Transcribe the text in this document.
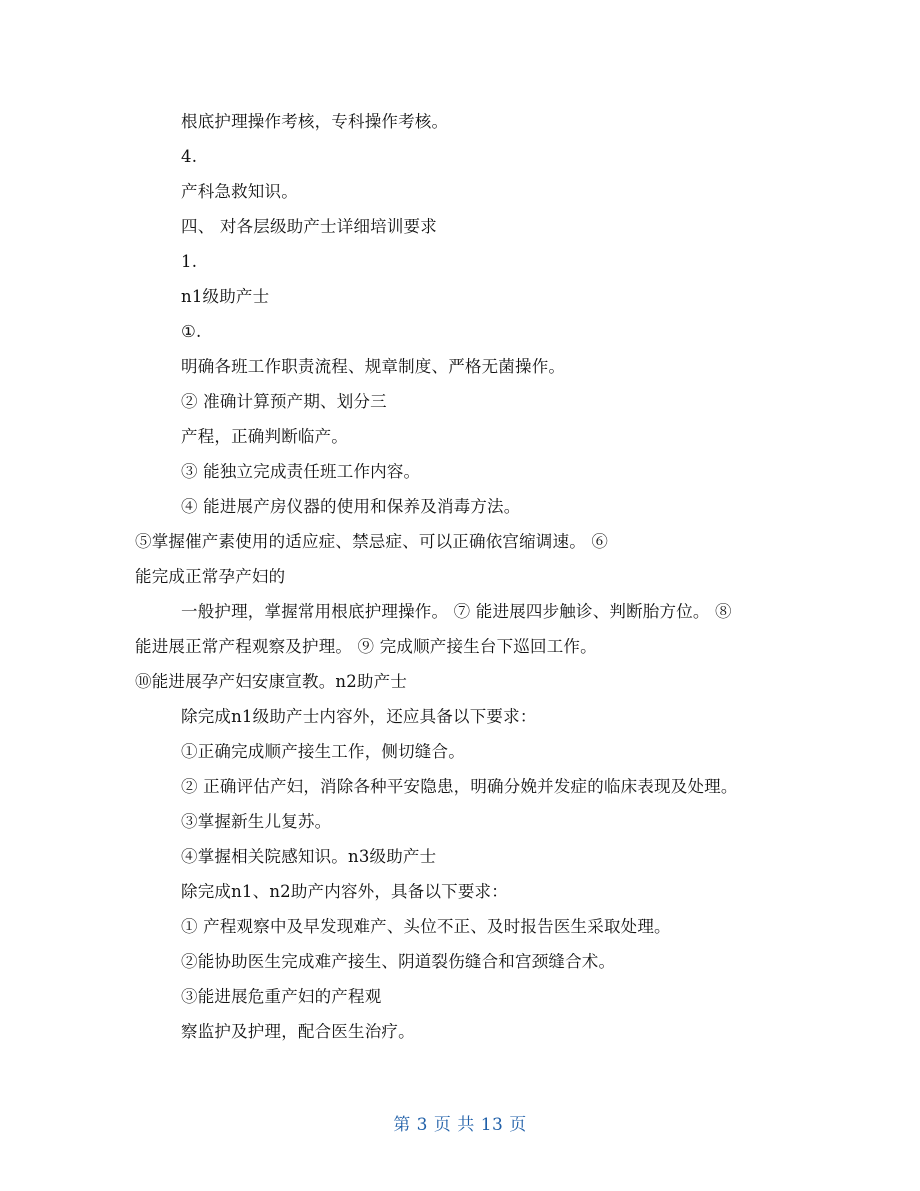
根底护理操作考核，专科操作考核。
4.
产科急救知识。
四、 对各层级助产士详细培训要求
1.
n1级助产士
①.
明确各班工作职责流程、规章制度、严格无菌操作。
② 准确计算预产期、划分三
产程，正确判断临产。
③ 能独立完成责任班工作内容。
④ 能进展产房仪器的使用和保养及消毒方法。
⑤掌握催产素使用的适应症、禁忌症、可以正确依宫缩调速。 ⑥
能完成正常孕产妇的
一般护理，掌握常用根底护理操作。 ⑦ 能进展四步触诊、判断胎方位。 ⑧
能进展正常产程观察及护理。 ⑨ 完成顺产接生台下巡回工作。
⑩能进展孕产妇安康宣教。n2助产士
除完成n1级助产士内容外，还应具备以下要求：
①正确完成顺产接生工作，侧切缝合。
② 正确评估产妇，消除各种平安隐患，明确分娩并发症的临床表现及处理。
③掌握新生儿复苏。
④掌握相关院感知识。n3级助产士
除完成n1、n2助产内容外，具备以下要求：
① 产程观察中及早发现难产、头位不正、及时报告医生采取处理。
②能协助医生完成难产接生、阴道裂伤缝合和宫颈缝合术。
③能进展危重产妇的产程观
察监护及护理，配合医生治疗。
第 3 页 共 13 页
